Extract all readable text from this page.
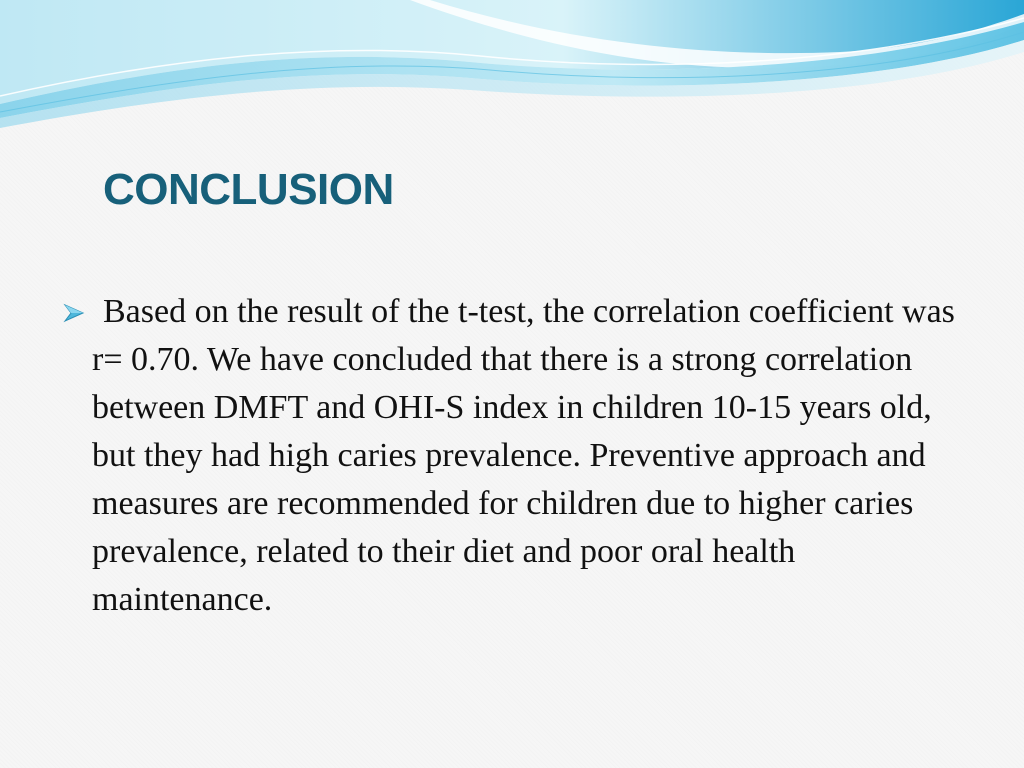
CONCLUSION
Based on the result of the t-test, the correlation coefficient was r= 0.70. We have concluded that there is a strong correlation between DMFT and OHI-S index in children 10-15 years old, but they had high caries prevalence. Preventive approach and measures are recommended for children due to higher caries prevalence, related to their diet and poor oral health maintenance.
